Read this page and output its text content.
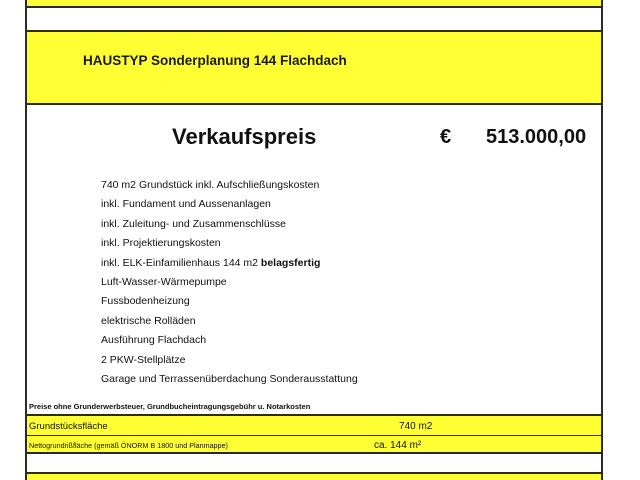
HAUSTYP Sonderplanung 144 Flachdach
Verkaufspreis	€ 513.000,00
740 m2 Grundstück inkl. Aufschließungskosten
inkl. Fundament und Aussenanlagen
inkl. Zuleitung- und Zusammenschlüsse
inkl. Projektierungskosten
inkl. ELK-Einfamilienhaus 144 m2 belagsfertig
Luft-Wasser-Wärmepumpe
Fussbodenheizung
elektrische Rolläden
Ausführung Flachdach
2 PKW-Stellplätze
Garage und Terrassenüberdachung Sonderausstattung
Preise ohne Grunderwerbsteuer, Grundbucheintragungsgebühr u. Notarkosten
Grundstücksfläche	740 m2
Nettogrundrißfläche (gemäß ÖNORM B 1800 und Planmappe)	ca. 144 m²
